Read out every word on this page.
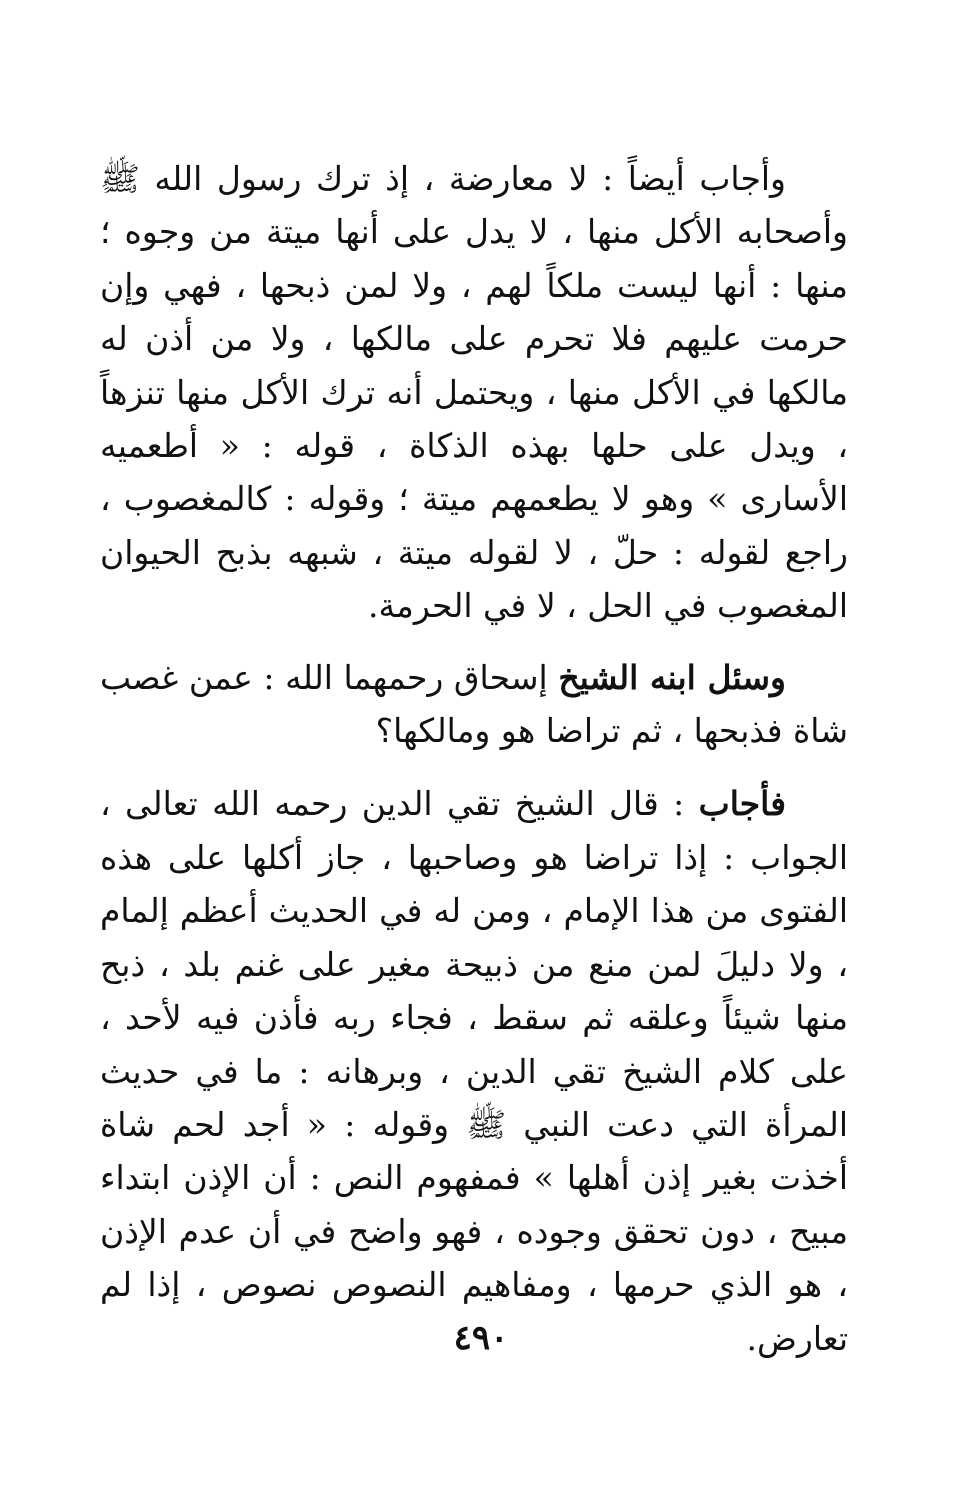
وأجاب أيضاً : لا معارضة ، إذ ترك رسول الله ﷺ وأصحابه الأكل منها ، لا يدل على أنها ميتة من وجوه ؛ منها : أنها ليست ملكاً لهم ، ولا لمن ذبحها ، فهي وإن حرمت عليهم فلا تحرم على مالكها ، ولا من أذن له مالكها في الأكل منها ، ويحتمل أنه ترك الأكل منها تنزهاً ، ويدل على حلها بهذه الذكاة ، قوله : « أطعميه الأسارى » وهو لا يطعمهم ميتة ؛ وقوله : كالمغصوب ، راجع لقوله : حلّ ، لا لقوله ميتة ، شبهه بذبح الحيوان المغصوب في الحل ، لا في الحرمة.

وسئل ابنه الشيخ إسحاق رحمهما الله : عمن غصب شاة فذبحها ، ثم تراضا هو ومالكها؟

فأجاب : قال الشيخ تقي الدين رحمه الله تعالى ، الجواب : إذا تراضا هو وصاحبها ، جاز أكلها على هذه الفتوى من هذا الإمام ، ومن له في الحديث أعظم إلمام ، ولا دليلَ لمن منع من ذبيحة مغير على غنم بلد ، ذبح منها شيئاً وعلقه ثم سقط ، فجاء ربه فأذن فيه لأحد ، على كلام الشيخ تقي الدين ، وبرهانه : ما في حديث المرأة التي دعت النبي ﷺ وقوله : « أجد لحم شاة أخذت بغير إذن أهلها » فمفهوم النص : أن الإذن ابتداء مبيح ، دون تحقق وجوده ، فهو واضح في أن عدم الإذن ، هو الذي حرمها ، ومفاهيم النصوص نصوص ، إذا لم تعارض.

٤٩٠
